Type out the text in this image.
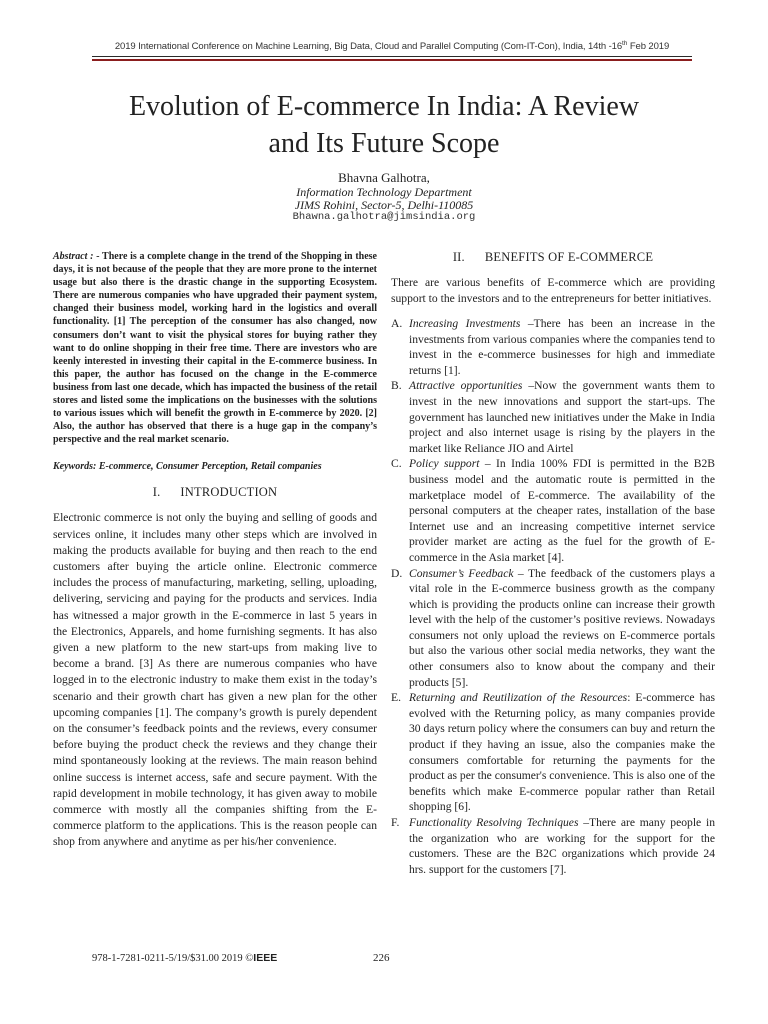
2019 International Conference on Machine Learning, Big Data, Cloud and Parallel Computing (Com-IT-Con), India, 14th -16th Feb 2019
Evolution of E-commerce In India: A Review
and Its Future Scope
Bhavna Galhotra,
Information Technology Department
JIMS Rohini, Sector-5, Delhi-110085
Bhawna.galhotra@jimsindia.org

Abstract : - There is a complete change in the trend of the Shopping in these days, it is not because of the people that they are more prone to the internet usage but also there is the drastic change in the supporting Ecosystem. There are numerous companies who have upgraded their payment system, changed their business model, working hard in the logistics and overall functionality. [1] The perception of the consumer has also changed, now consumers don’t want to visit the physical stores for buying rather they want to do online shopping in their free time. There are investors who are keenly interested in investing their capital in the E-commerce business. In this paper, the author has focused on the change in the E-commerce business from last one decade, which has impacted the business of the retail stores and listed some the implications on the businesses with the solutions to various issues which will benefit the growth in E-commerce by 2020. [2] Also, the author has observed that there is a huge gap in the company’s perspective and the real market scenario.

Keywords: E-commerce, Consumer Perception, Retail companies

I. INTRODUCTION

Electronic commerce is not only the buying and selling of goods and services online, it includes many other steps which are involved in making the products available for buying and then reach to the end customers after buying the article online. Electronic commerce includes the process of manufacturing, marketing, selling, uploading, delivering, servicing and paying for the products and services. India has witnessed a major growth in the E-commerce in last 5 years in the Electronics, Apparels, and home furnishing segments. It has also given a new platform to the new start-ups from making live to become a brand. [3] As there are numerous companies who have logged in to the electronic industry to make them exist in the today’s scenario and their growth chart has given a new plan for the other upcoming companies [1]. The company’s growth is purely dependent on the consumer’s feedback points and the reviews, every consumer before buying the product check the reviews and they change their mind spontaneously looking at the reviews. The main reason behind online success is internet access, safe and secure payment. With the rapid development in mobile technology, it has given away to mobile commerce with mostly all the companies shifting from the E-commerce platform to the applications. This is the reason people can shop from anywhere and anytime as per his/her convenience.

II. BENEFITS OF E-COMMERCE

There are various benefits of E-commerce which are providing support to the investors and to the entrepreneurs for better initiatives.

A. Increasing Investments –There has been an increase in the investments from various companies where the companies tend to invest in the e-commerce businesses for high and immediate returns [1].
B. Attractive opportunities –Now the government wants them to invest in the new innovations and support the start-ups. The government has launched new initiatives under the Make in India project and also internet usage is rising by the players in the market like Reliance JIO and Airtel
C. Policy support – In India 100% FDI is permitted in the B2B business model and the automatic route is permitted in the marketplace model of E-commerce. The availability of the personal computers at the cheaper rates, installation of the base Internet use and an increasing competitive internet service provider market are acting as the fuel for the growth of E-commerce in the Asia market [4].
D. Consumer’s Feedback – The feedback of the customers plays a vital role in the E-commerce business growth as the company which is providing the products online can increase their growth level with the help of the customer’s positive reviews. Nowadays consumers not only upload the reviews on E-commerce portals but also the various other social media networks, they want the other consumers also to know about the company and their products [5].
E. Returning and Reutilization of the Resources: E-commerce has evolved with the Returning policy, as many companies provide 30 days return policy where the consumers can buy and return the product if they having an issue, also the companies make the consumers comfortable for returning the payments for the product as per the consumer's convenience. This is also one of the benefits which make E-commerce popular rather than Retail shopping [6].
F. Functionality Resolving Techniques –There are many people in the organization who are working for the support for the customers. These are the B2C organizations which provide 24 hrs. support for the customers [7].
978-1-7281-0211-5/19/$31.00 2019 ©IEEE	226
